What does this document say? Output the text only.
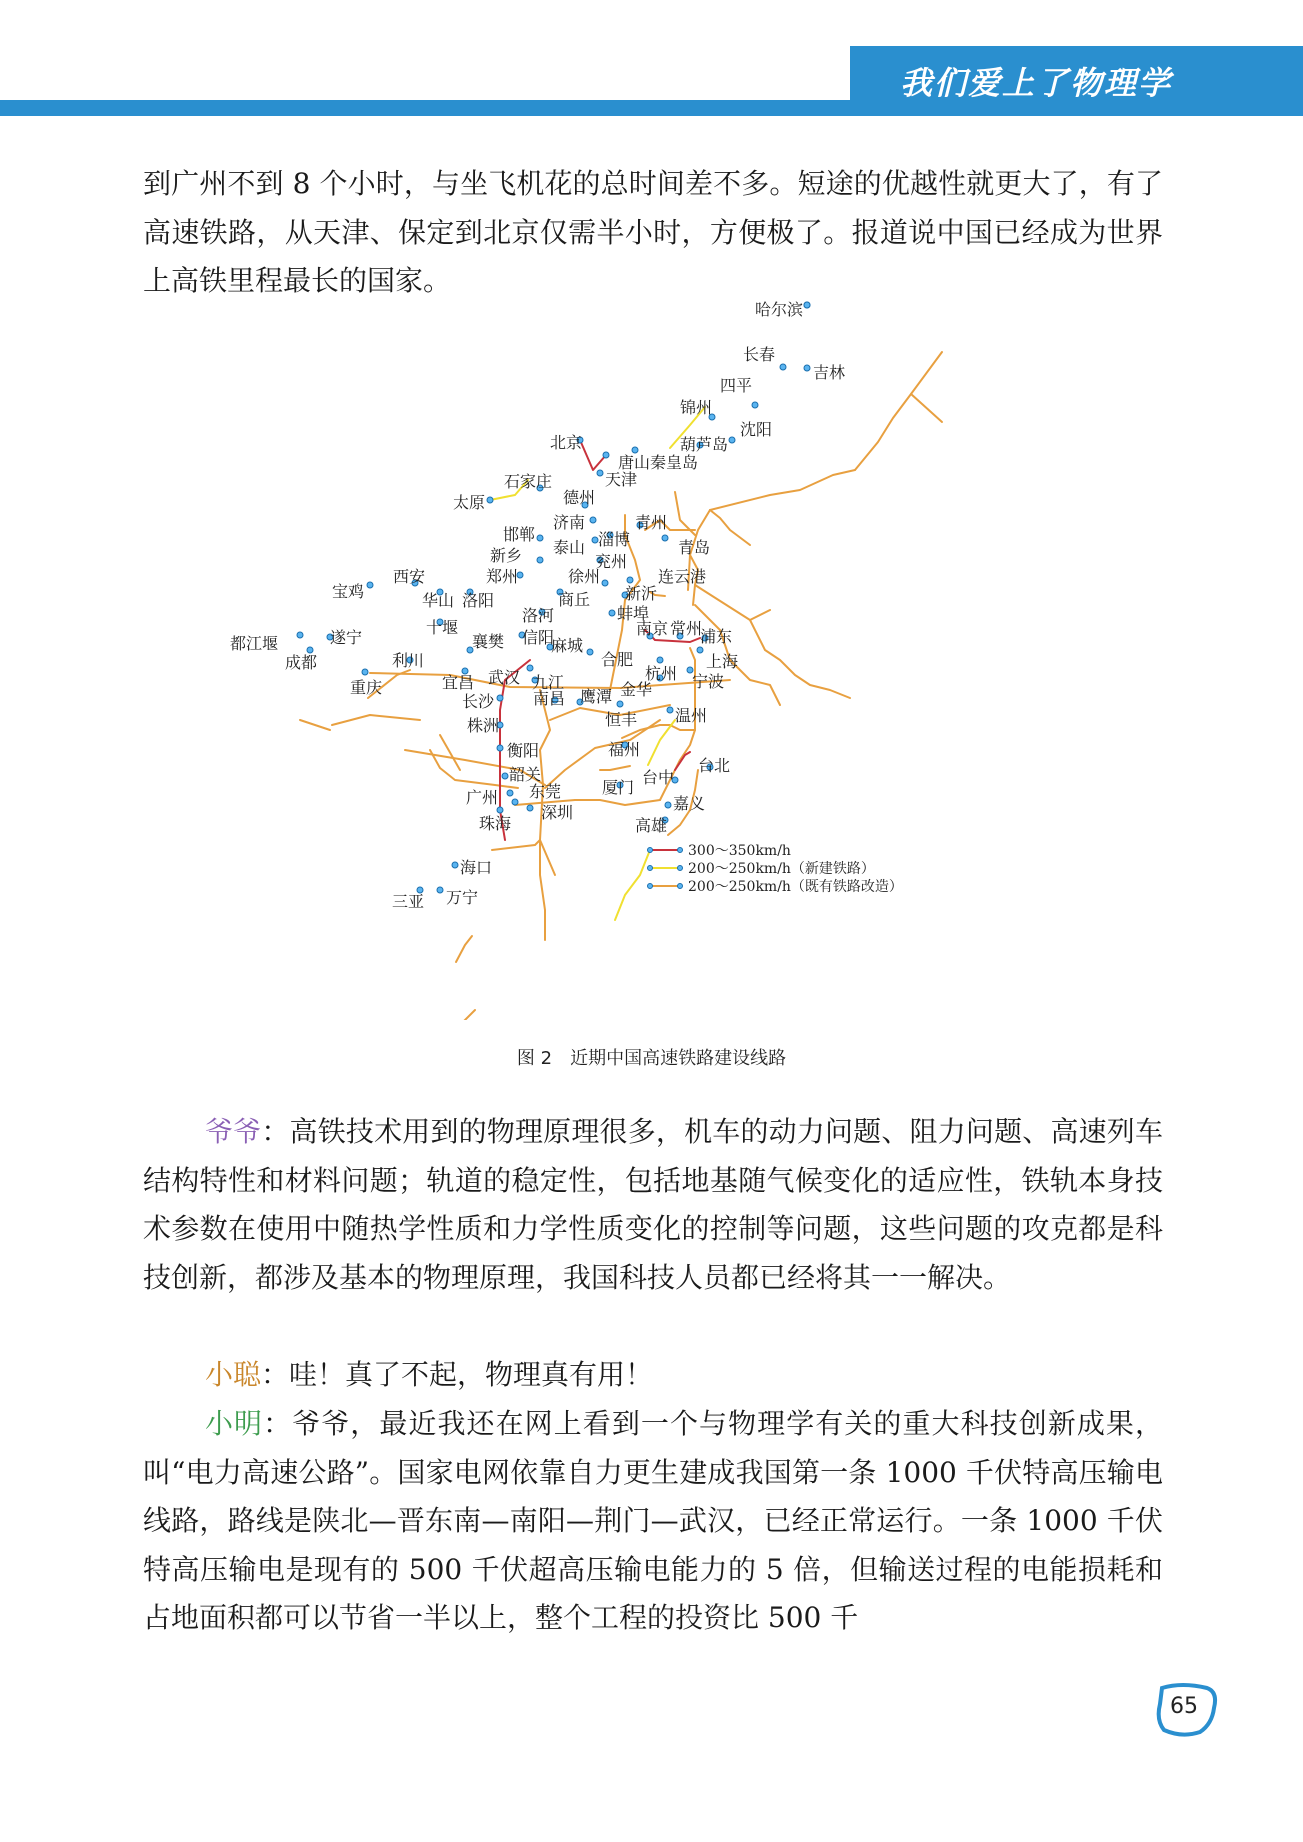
我们爱上了物理学

到广州不到 8 个小时，与坐飞机花的总时间差不多。短途的优越性就更大了，有了高速铁路，从天津、保定到北京仅需半小时，方便极了。报道说中国已经成为世界上高铁里程最长的国家。

哈尔滨
长春
吉林
四平
锦州
沈阳
葫芦岛
北京
唐山 秦皇岛
天津
石家庄
太原	德州
济南	青州
邯郸	淄博	青岛
泰山
新乡	兖州
郑州	徐州	连云港
西安
宝鸡	华山 洛阳	商丘 新沂
洛河	蚌埠
十堰
信阳	南京 常州
浦东
都江堰	遂宁	襄樊	麻城
合肥	上海
成都	利川
杭州
重庆	宜昌 武汉 九江	金华 宁波
长沙 南昌 鹰潭
株洲	恒丰 温州
衡阳	福州
台北
韶关	台中
厦门
东莞
广州	嘉义
深圳
珠海	高雄
海口
万宁
三亚
300～350km/h
200～250km/h（新建铁路）
200～250km/h（既有铁路改造）
图 2　近期中国高速铁路建设线路

爷爷：高铁技术用到的物理原理很多，机车的动力问题、阻力问题、高速列车结构特性和材料问题；轨道的稳定性，包括地基随气候变化的适应性，铁轨本身技术参数在使用中随热学性质和力学性质变化的控制等问题，这些问题的攻克都是科技创新，都涉及基本的物理原理，我国科技人员都已经将其一一解决。

小聪：哇！真了不起，物理真有用！

小明：爷爷，最近我还在网上看到一个与物理学有关的重大科技创新成果，叫“电力高速公路”。国家电网依靠自力更生建成我国第一条 1000 千伏特高压输电线路，路线是陕北—晋东南—南阳—荆门—武汉，已经正常运行。一条 1000 千伏特高压输电是现有的 500 千伏超高压输电能力的 5 倍，但输送过程的电能损耗和占地面积都可以节省一半以上，整个工程的投资比 500 千

65
